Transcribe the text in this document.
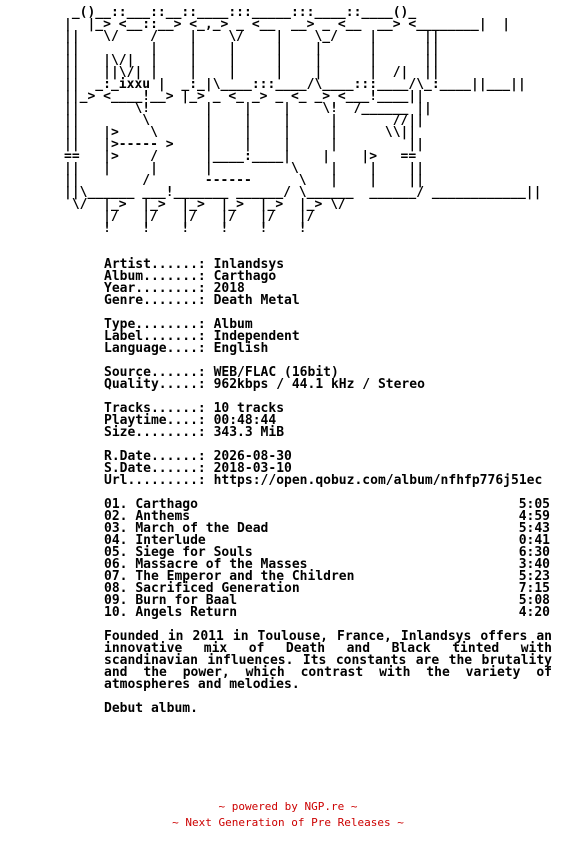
_()__::___::__::____:::_____:::____::____()_
|  |_> <__::__> <_,_> _ <__  __> _ <__  __> <________|  |
||   \/    /    |    \/    |    \_/    |      ||
||         |    |    |     |    |      |      ||
||   |\/|  |    |    |     |    |      |      ||
||   ||\/| |    |    |     |    |      |  /|  ||
||  _:_ixxu |  _:_|\____:::____/\____:::____/\_:____||___||
||_> <____!__> |_> _ <_ _> _ <_ _> <___!____||
||       \!       |    |    |    \!  /______ ||
||        \       |    |    |     |       //||
||   |>    \      |    |    |     |      \\||
||   |>----- >    |    |    |     |         ||
==   |>    /      |____:____|    |    |>   ==
||   |     |      |          \    |    |    ||
||        /       ------      \   |    |    ||
||\______ ___!_______ ______/ \______  ______/ ____________||
\/  |_>  |_>  |_>  |_>  |_>  |_> \/
|/   |/   |/   |/   |/   |/
!    !    !    !    !    !
Artist......: Inlandsys
Album.......: Carthago
Year........: 2018
Genre.......: Death Metal
Type........: Album
Label.......: Independent
Language....: English
Source......: WEB/FLAC (16bit)
Quality.....: 962kbps / 44.1 kHz / Stereo
Tracks......: 10 tracks
Playtime....: 00:48:44
Size........: 343.3 MiB
R.Date......: 2026-08-30
S.Date......: 2018-03-10
Url.........: https://open.qobuz.com/album/nfhfp776j51ec
01. Carthago	5:05
02. Anthems	4:59
03. March of the Dead	5:43
04. Interlude	0:41
05. Siege for Souls	6:30
06. Massacre of the Masses	3:40
07. The Emperor and the Children	5:23
08. Sacrificed Generation	7:15
09. Burn for Baal	5:08
10. Angels Return	4:20
Founded in 2011 in Toulouse, France, Inlandsys offers an innovative mix of Death and Black tinted with scandinavian influences. Its constants are the brutality and the power, which contrast with the variety of atmospheres and melodies.
Debut album.
~ powered by NGP.re ~
~ Next Generation of Pre Releases ~
